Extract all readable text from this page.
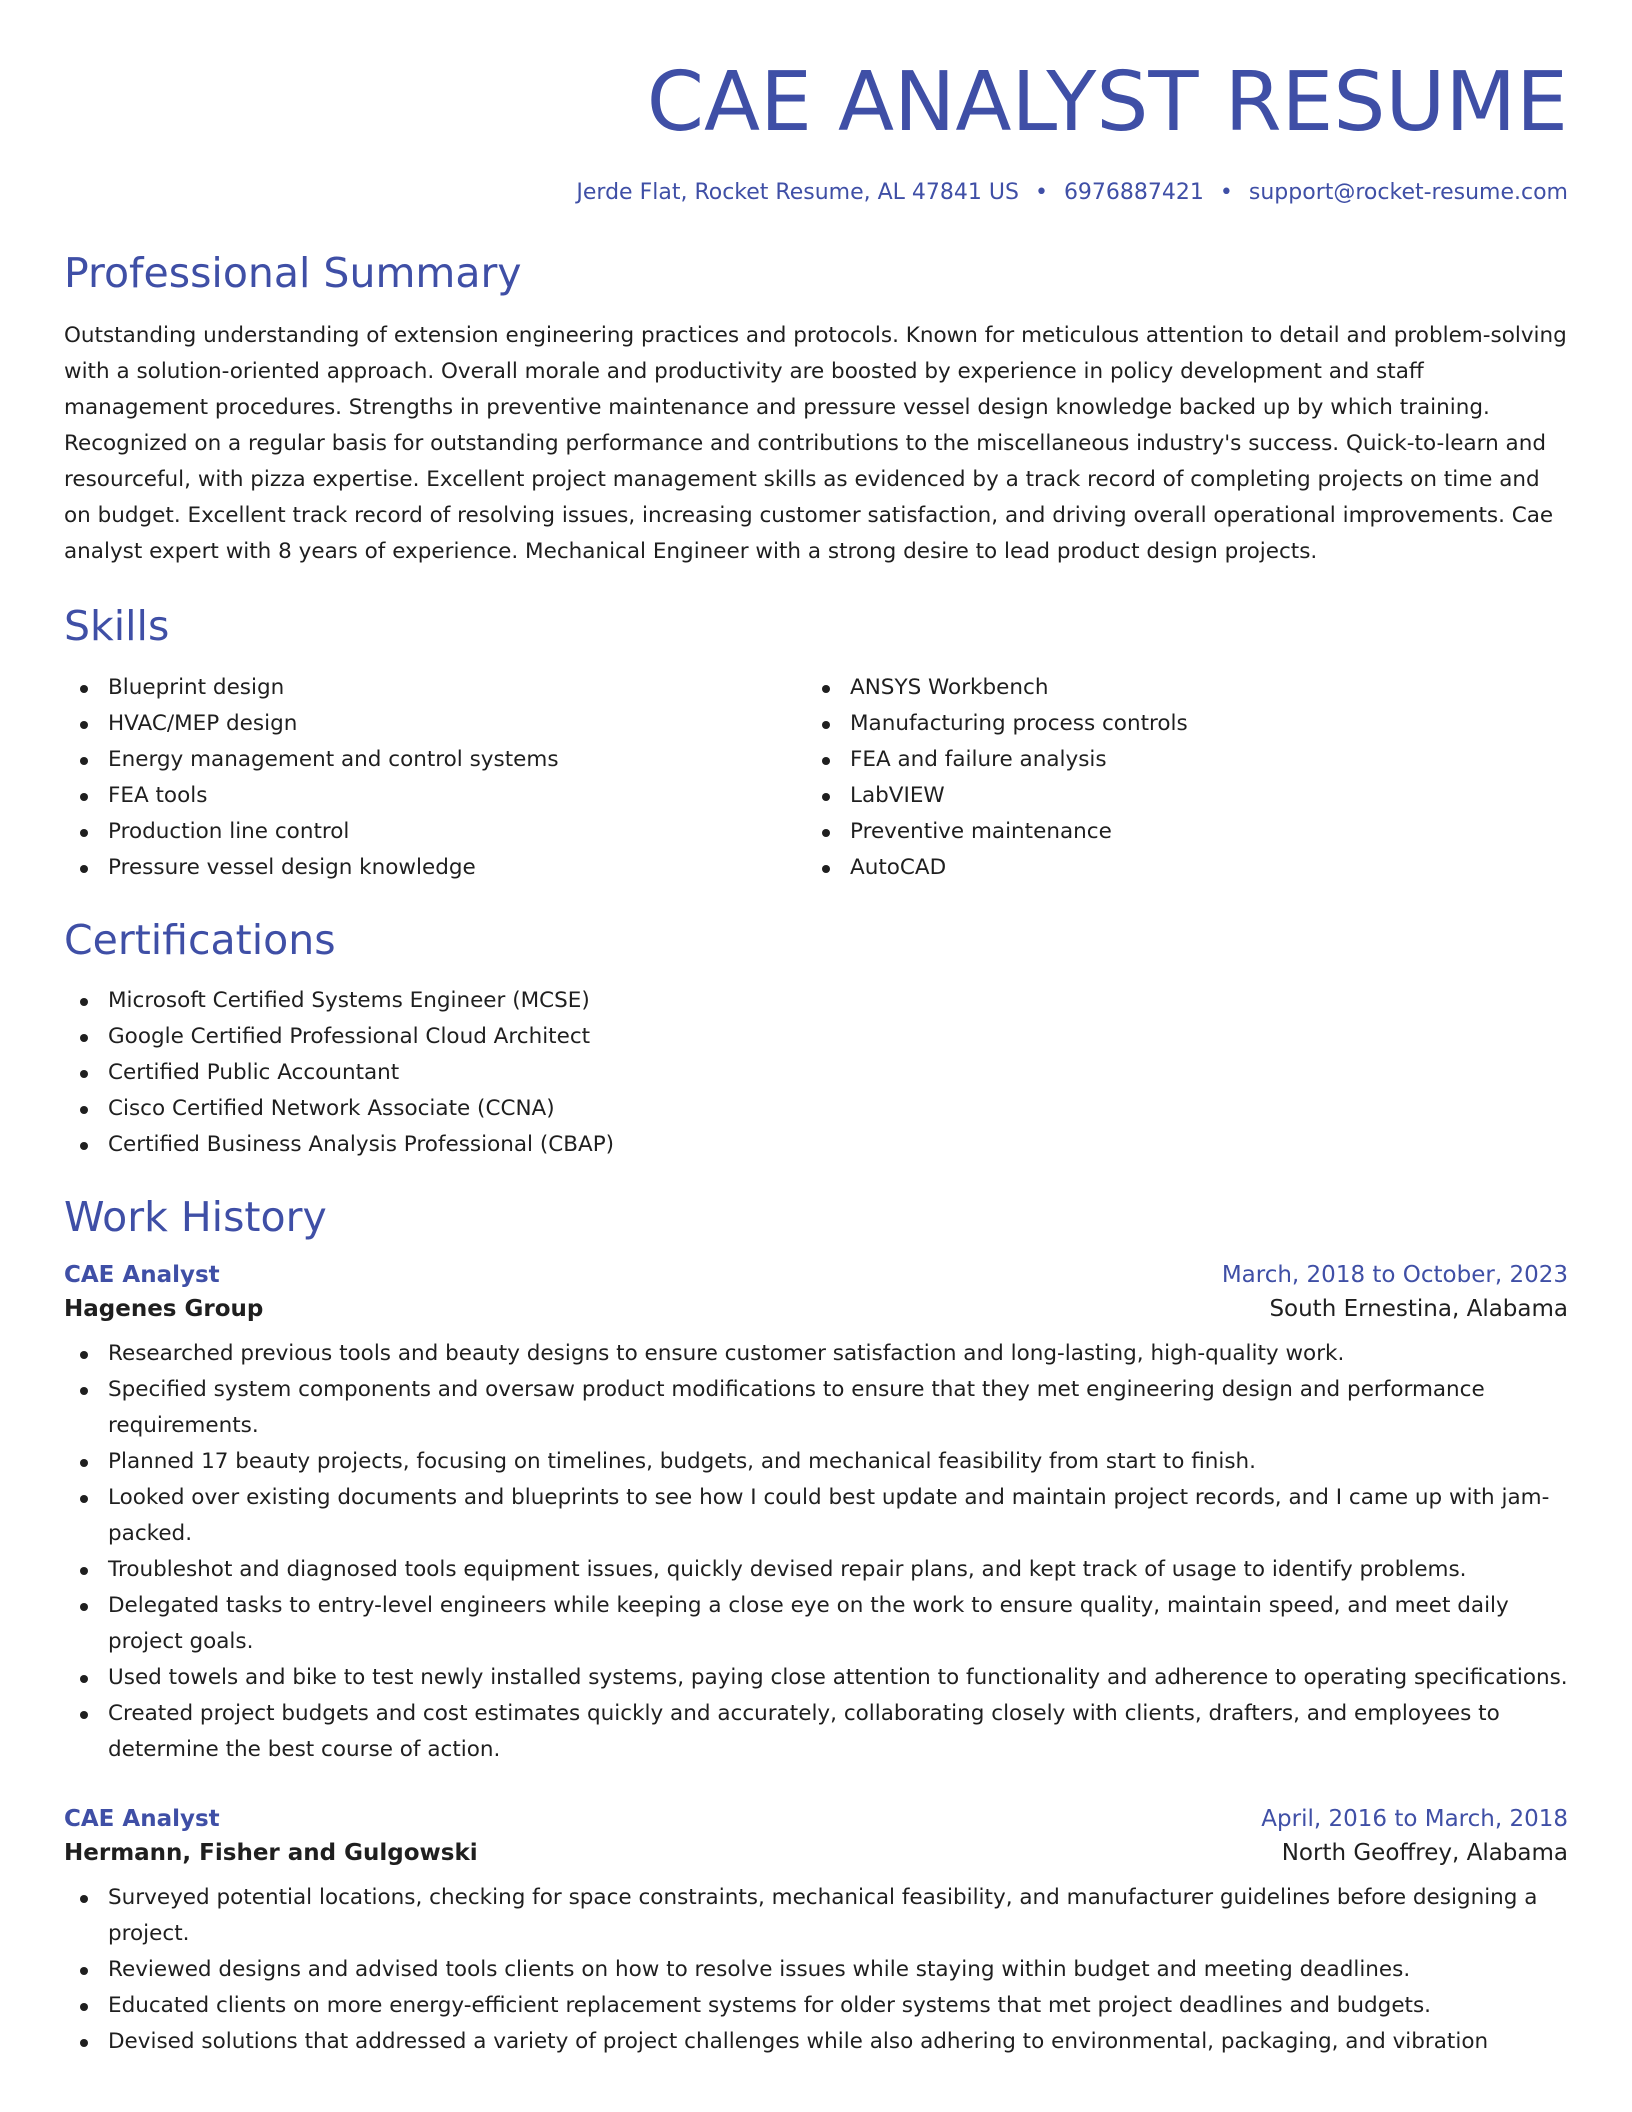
CAE ANALYST RESUME
Jerde Flat, Rocket Resume, AL 47841 US • 6976887421 • support@rocket-resume.com
Professional Summary

Outstanding understanding of extension engineering practices and protocols. Known for meticulous attention to detail and problem-solving with a solution-oriented approach. Overall morale and productivity are boosted by experience in policy development and staff management procedures. Strengths in preventive maintenance and pressure vessel design knowledge backed up by which training. Recognized on a regular basis for outstanding performance and contributions to the miscellaneous industry's success. Quick-to-learn and resourceful, with pizza expertise. Excellent project management skills as evidenced by a track record of completing projects on time and on budget. Excellent track record of resolving issues, increasing customer satisfaction, and driving overall operational improvements. Cae analyst expert with 8 years of experience. Mechanical Engineer with a strong desire to lead product design projects.

Skills
Blueprint design
HVAC/MEP design
Energy management and control systems
FEA tools
Production line control
Pressure vessel design knowledge
ANSYS Workbench
Manufacturing process controls
FEA and failure analysis
LabVIEW
Preventive maintenance
AutoCAD
Certifications
Microsoft Certified Systems Engineer (MCSE)
Google Certified Professional Cloud Architect
Certified Public Accountant
Cisco Certified Network Associate (CCNA)
Certified Business Analysis Professional (CBAP)
Work History
CAE Analyst	March, 2018 to October, 2023
Hagenes Group	South Ernestina, Alabama
Researched previous tools and beauty designs to ensure customer satisfaction and long-lasting, high-quality work.
Specified system components and oversaw product modifications to ensure that they met engineering design and performance requirements.
Planned 17 beauty projects, focusing on timelines, budgets, and mechanical feasibility from start to finish.
Looked over existing documents and blueprints to see how I could best update and maintain project records, and I came up with jam-packed.
Troubleshot and diagnosed tools equipment issues, quickly devised repair plans, and kept track of usage to identify problems.
Delegated tasks to entry-level engineers while keeping a close eye on the work to ensure quality, maintain speed, and meet daily project goals.
Used towels and bike to test newly installed systems, paying close attention to functionality and adherence to operating specifications.
Created project budgets and cost estimates quickly and accurately, collaborating closely with clients, drafters, and employees to determine the best course of action.
CAE Analyst	April, 2016 to March, 2018
Hermann, Fisher and Gulgowski	North Geoffrey, Alabama
Surveyed potential locations, checking for space constraints, mechanical feasibility, and manufacturer guidelines before designing a project.
Reviewed designs and advised tools clients on how to resolve issues while staying within budget and meeting deadlines.
Educated clients on more energy-efficient replacement systems for older systems that met project deadlines and budgets.
Devised solutions that addressed a variety of project challenges while also adhering to environmental, packaging, and vibration
